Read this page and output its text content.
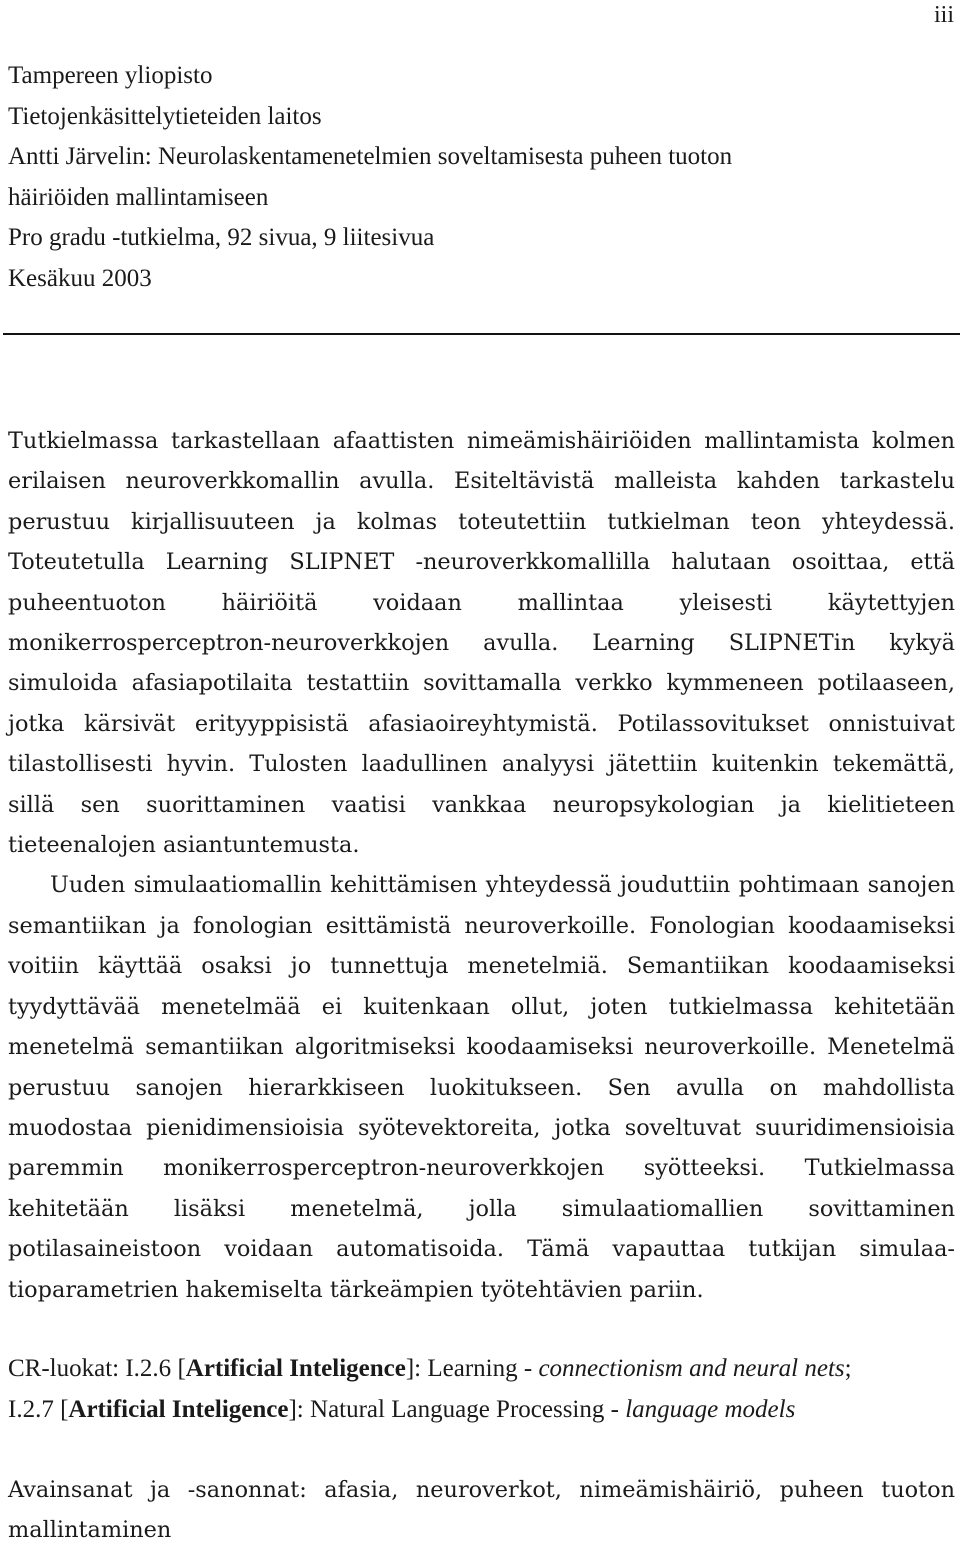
iii
Tampereen yliopisto
Tietojenkäsittelytieteiden laitos
Antti Järvelin: Neurolaskentamenetelmien soveltamisesta puheen tuoton
häiriöiden mallintamiseen
Pro gradu -tutkielma, 92 sivua, 9 liitesivua
Kesäkuu 2003

Tutkielmassa tarkastellaan afaattisten nimeämishäiriöiden mallintamista kolmen erilaisen neuroverkkomallin avulla. Esiteltävistä malleista kahden tarkastelu perustuu kirjallisuuteen ja kolmas toteutettiin tutkielman teon yhteydessä. Toteutetulla Learning SLIPNET -neuroverkkomallilla halutaan osoittaa, että puheentuoton häiriöitä voidaan mallintaa yleisesti käytettyjen monikerrosperceptron-neuroverkkojen avulla. Learning SLIPNETin kykyä simuloida afasiapotilaita testattiin sovittamalla verkko kymmeneen potilaaseen, jotka kärsivät erityyppisistä afasiaoireyhtymistä. Potilassovitukset onnistuivat tilastollisesti hyvin. Tulosten laadullinen analyysi jätettiin kuitenkin tekemättä, sillä sen suorittaminen vaatisi vankkaa neuropsykologian ja kielitieteen tieteenalojen asiantuntemusta.

Uuden simulaatiomallin kehittämisen yhteydessä jouduttiin pohtimaan sanojen semantiikan ja fonologian esittämistä neuroverkoille. Fonologian koodaamiseksi voitiin käyttää osaksi jo tunnettuja menetelmiä. Semantiikan koodaamiseksi tyydyttävää menetelmää ei kuitenkaan ollut, joten tutkielmassa kehitetään menetelmä semantiikan algoritmiseksi koodaamiseksi neuroverkoille. Menetelmä perustuu sanojen hierarkkiseen luokitukseen. Sen avulla on mahdollista muodostaa pienidimensioisia syötevektoreita, jotka soveltuvat suuridimensioisia paremmin monikerrosperceptron-neuroverkkojen syötteeksi. Tutkielmassa kehitetään lisäksi menetelmä, jolla simulaatiomallien sovittaminen potilasaineistoon voidaan automatisoida. Tämä vapauttaa tutkijan simulaatioparametrien hakemiselta tärkeämpien työtehtävien pariin.

CR-luokat: I.2.6 [Artificial Inteligence]: Learning - connectionism and neural nets;
I.2.7 [Artificial Inteligence]: Natural Language Processing - language models

Avainsanat ja -sanonnat: afasia, neuroverkot, nimeämishäiriö, puheen tuoton mallintaminen
